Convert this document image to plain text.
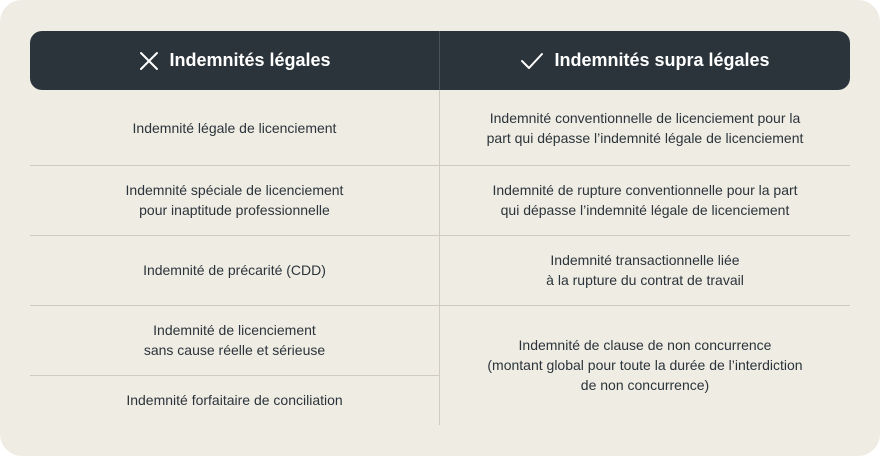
Indemnités légales	Indemnités supra légales
Indemnité légale de licenciement
Indemnité spéciale de licenciement
pour inaptitude professionnelle
Indemnité de précarité (CDD)
Indemnité de licenciement
sans cause réelle et sérieuse
Indemnité forfaitaire de conciliation
Indemnité conventionnelle de licenciement pour la
part qui dépasse l’indemnité légale de licenciement
Indemnité de rupture conventionnelle pour la part
qui dépasse l’indemnité légale de licenciement
Indemnité transactionnelle liée
à la rupture du contrat de travail
Indemnité de clause de non concurrence
(montant global pour toute la durée de l’interdiction
de non concurrence)
